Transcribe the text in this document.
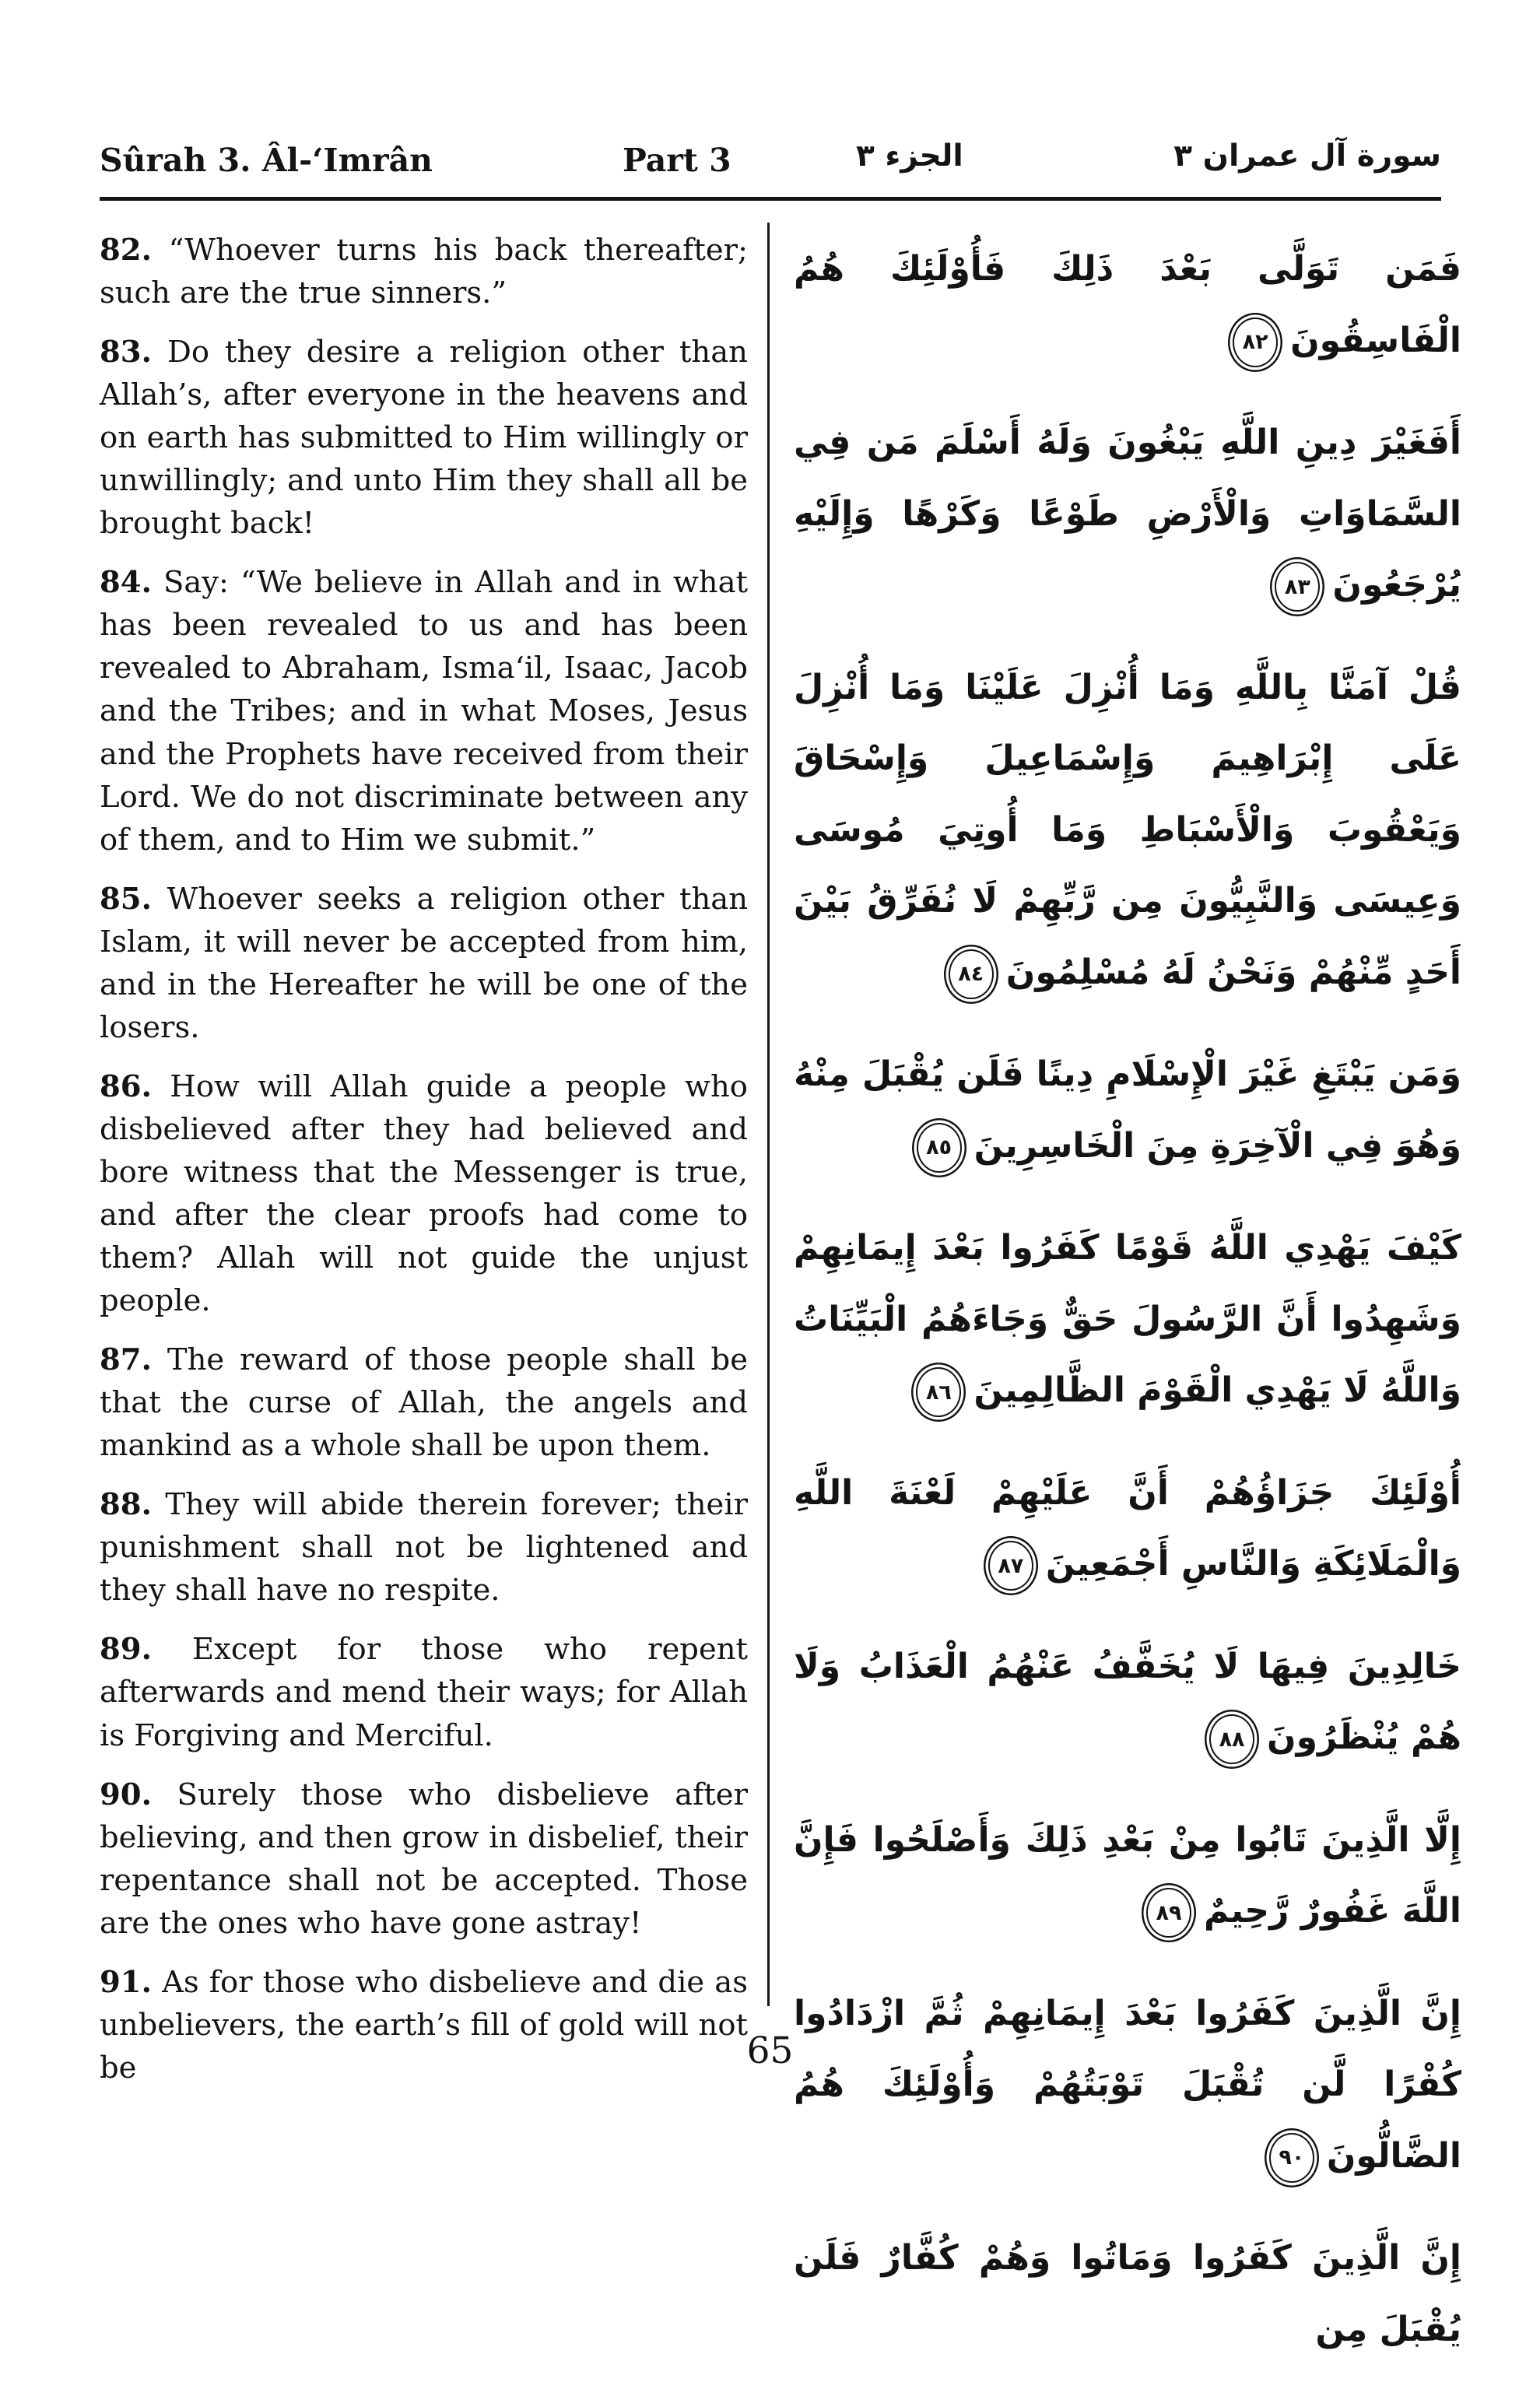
Sûrah 3. Âl-‘Imrân	Part 3	الجزء ٣	سورة آل عمران ٣

82. “Whoever turns his back thereafter; such are the true sinners.”

83. Do they desire a religion other than Allah’s, after everyone in the heavens and on earth has submitted to Him willingly or unwillingly; and unto Him they shall all be brought back!

84. Say: “We believe in Allah and in what has been revealed to us and has been revealed to Abraham, Isma‘il, Isaac, Jacob and the Tribes; and in what Moses, Jesus and the Prophets have received from their Lord. We do not discriminate between any of them, and to Him we submit.”

85. Whoever seeks a religion other than Islam, it will never be accepted from him, and in the Hereafter he will be one of the losers.

86. How will Allah guide a people who disbelieved after they had believed and bore witness that the Messenger is true, and after the clear proofs had come to them? Allah will not guide the unjust people.

87. The reward of those people shall be that the curse of Allah, the angels and mankind as a whole shall be upon them.

88. They will abide therein forever; their punishment shall not be lightened and they shall have no respite.

89. Except for those who repent afterwards and mend their ways; for Allah is Forgiving and Merciful.

90. Surely those who disbelieve after believing, and then grow in disbelief, their repentance shall not be accepted. Those are the ones who have gone astray!

91. As for those who disbelieve and die as unbelievers, the earth’s fill of gold will not be

فَمَن تَوَلَّى بَعْدَ ذَلِكَ فَأُوْلَئِكَ هُمُ الْفَاسِقُونَ٨٢

أَفَغَيْرَ دِينِ اللَّهِ يَبْغُونَ وَلَهُ أَسْلَمَ مَن فِي السَّمَاوَاتِ وَالْأَرْضِ طَوْعًا وَكَرْهًا وَإِلَيْهِ يُرْجَعُونَ٨٣

قُلْ آمَنَّا بِاللَّهِ وَمَا أُنْزِلَ عَلَيْنَا وَمَا أُنْزِلَ عَلَى إِبْرَاهِيمَ وَإِسْمَاعِيلَ وَإِسْحَاقَ وَيَعْقُوبَ وَالْأَسْبَاطِ وَمَا أُوتِيَ مُوسَى وَعِيسَى وَالنَّبِيُّونَ مِن رَّبِّهِمْ لَا نُفَرِّقُ بَيْنَ أَحَدٍ مِّنْهُمْ وَنَحْنُ لَهُ مُسْلِمُونَ٨٤

وَمَن يَبْتَغِ غَيْرَ الْإِسْلَامِ دِينًا فَلَن يُقْبَلَ مِنْهُ وَهُوَ فِي الْآخِرَةِ مِنَ الْخَاسِرِينَ٨٥

كَيْفَ يَهْدِي اللَّهُ قَوْمًا كَفَرُوا بَعْدَ إِيمَانِهِمْ وَشَهِدُوا أَنَّ الرَّسُولَ حَقٌّ وَجَاءَهُمُ الْبَيِّنَاتُ وَاللَّهُ لَا يَهْدِي الْقَوْمَ الظَّالِمِينَ٨٦

أُوْلَئِكَ جَزَاؤُهُمْ أَنَّ عَلَيْهِمْ لَعْنَةَ اللَّهِ وَالْمَلَائِكَةِ وَالنَّاسِ أَجْمَعِينَ٨٧

خَالِدِينَ فِيهَا لَا يُخَفَّفُ عَنْهُمُ الْعَذَابُ وَلَا هُمْ يُنْظَرُونَ٨٨

إِلَّا الَّذِينَ تَابُوا مِنْ بَعْدِ ذَلِكَ وَأَصْلَحُوا فَإِنَّ اللَّهَ غَفُورٌ رَّحِيمٌ٨٩

إِنَّ الَّذِينَ كَفَرُوا بَعْدَ إِيمَانِهِمْ ثُمَّ ازْدَادُوا كُفْرًا لَّن تُقْبَلَ تَوْبَتُهُمْ وَأُوْلَئِكَ هُمُ الضَّالُّونَ٩٠

إِنَّ الَّذِينَ كَفَرُوا وَمَاتُوا وَهُمْ كُفَّارٌ فَلَن يُقْبَلَ مِن

65
